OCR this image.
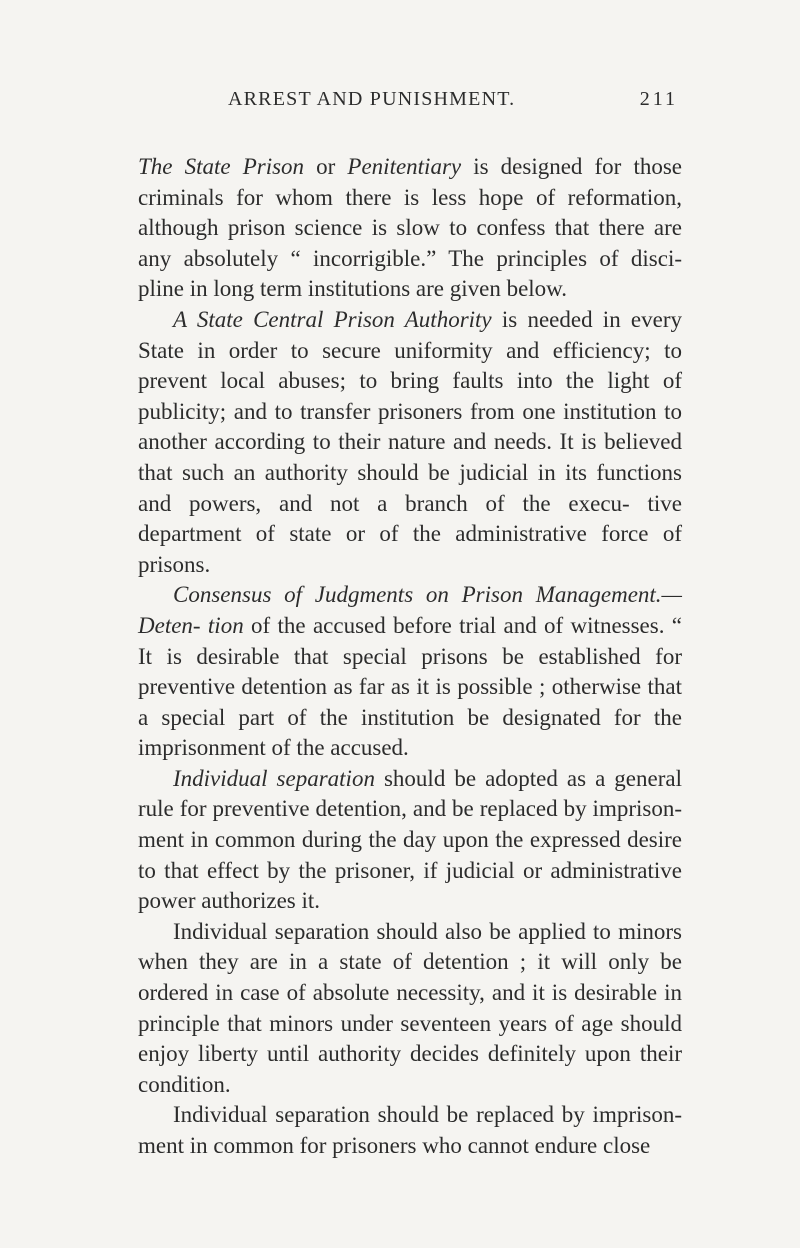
ARREST AND PUNISHMENT.	211

The State Prison or Penitentiary is designed for those criminals for whom there is less hope of reformation, although prison science is slow to confess that there are any absolutely “ incorrigible.” The principles of disci- pline in long term institutions are given below.

A State Central Prison Authority is needed in every State in order to secure uniformity and efficiency; to prevent local abuses; to bring faults into the light of publicity; and to transfer prisoners from one institution to another according to their nature and needs. It is believed that such an authority should be judicial in its functions and powers, and not a branch of the execu- tive department of state or of the administrative force of prisons.

Consensus of Judgments on Prison Management.— Deten- tion of the accused before trial and of witnesses. “ It is desirable that special prisons be established for preventive detention as far as it is possible ; otherwise that a special part of the institution be designated for the imprisonment of the accused.

Individual separation should be adopted as a general rule for preventive detention, and be replaced by imprison- ment in common during the day upon the expressed desire to that effect by the prisoner, if judicial or administrative power authorizes it.

Individual separation should also be applied to minors when they are in a state of detention ; it will only be ordered in case of absolute necessity, and it is desirable in principle that minors under seventeen years of age should enjoy liberty until authority decides definitely upon their condition.

Individual separation should be replaced by imprison- ment in common for prisoners who cannot endure close
